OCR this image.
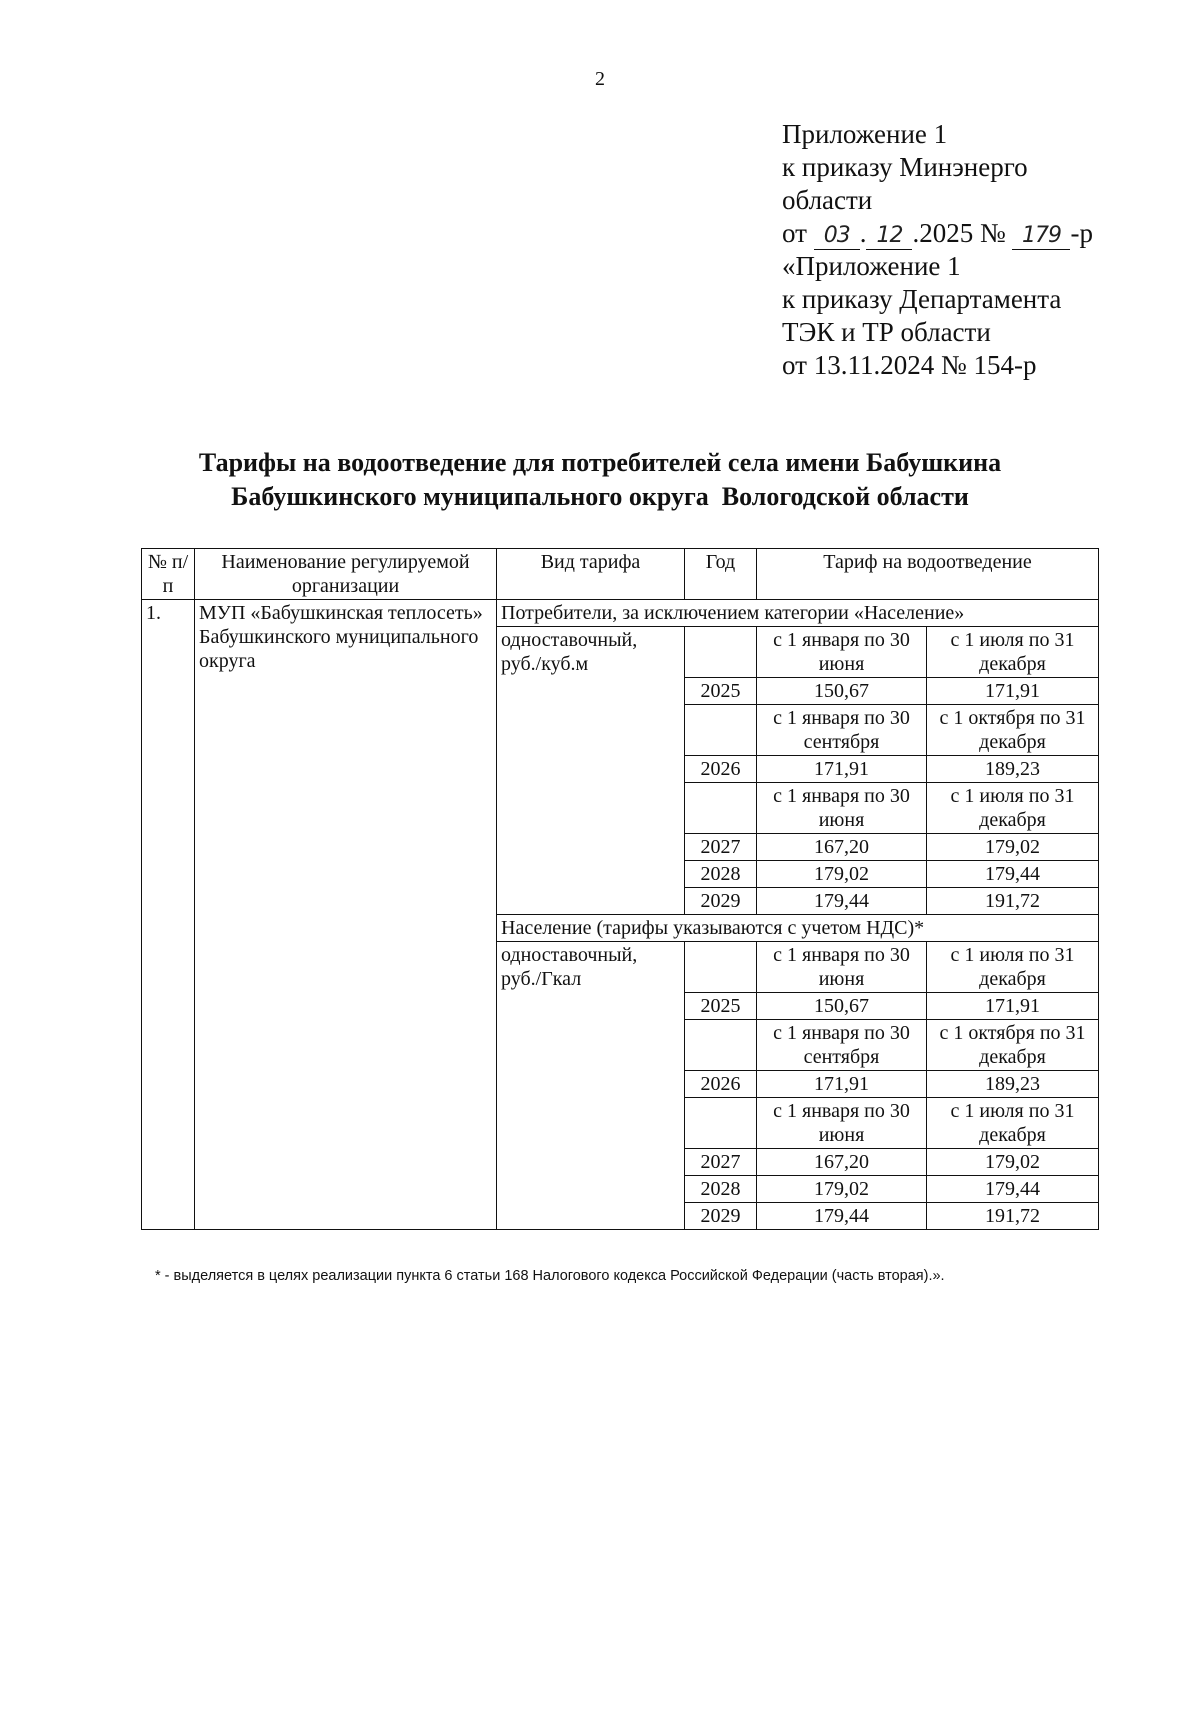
2
Приложение 1
к приказу Минэнерго
области
от 03 . 12 .2025 № 179 -р
«Приложение 1
к приказу Департамента
ТЭК и ТР области
от 13.11.2024 № 154-р
Тарифы на водоотведение для потребителей села имени Бабушкина
Бабушкинского муниципального округа  Вологодской области
№ п/п	Наименование регулируемой организации	Вид тарифа	Год	Тариф на водоотведение	
1.	МУП «Бабушкинская теплосеть» Бабушкинского муниципального округа	Потребители, за исключением категории «Население»			
		одноставочный, руб./куб.м		с 1 января по 30 июня	с 1 июля по 31 декабря
			2025	150,67	171,91
				с 1 января по 30 сентября	с 1 октября по 31 декабря
			2026	171,91	189,23
				с 1 января по 30 июня	с 1 июля по 31 декабря
			2027	167,20	179,02
			2028	179,02	179,44
			2029	179,44	191,72
		Население (тарифы указываются с учетом НДС)*			
		одноставочный, руб./Гкал		с 1 января по 30 июня	с 1 июля по 31 декабря
			2025	150,67	171,91
				с 1 января по 30 сентября	с 1 октября по 31 декабря
			2026	171,91	189,23
				с 1 января по 30 июня	с 1 июля по 31 декабря
			2027	167,20	179,02
			2028	179,02	179,44
			2029	179,44	191,72
* - выделяется в целях реализации пункта 6 статьи 168 Налогового кодекса Российской Федерации (часть вторая).».
